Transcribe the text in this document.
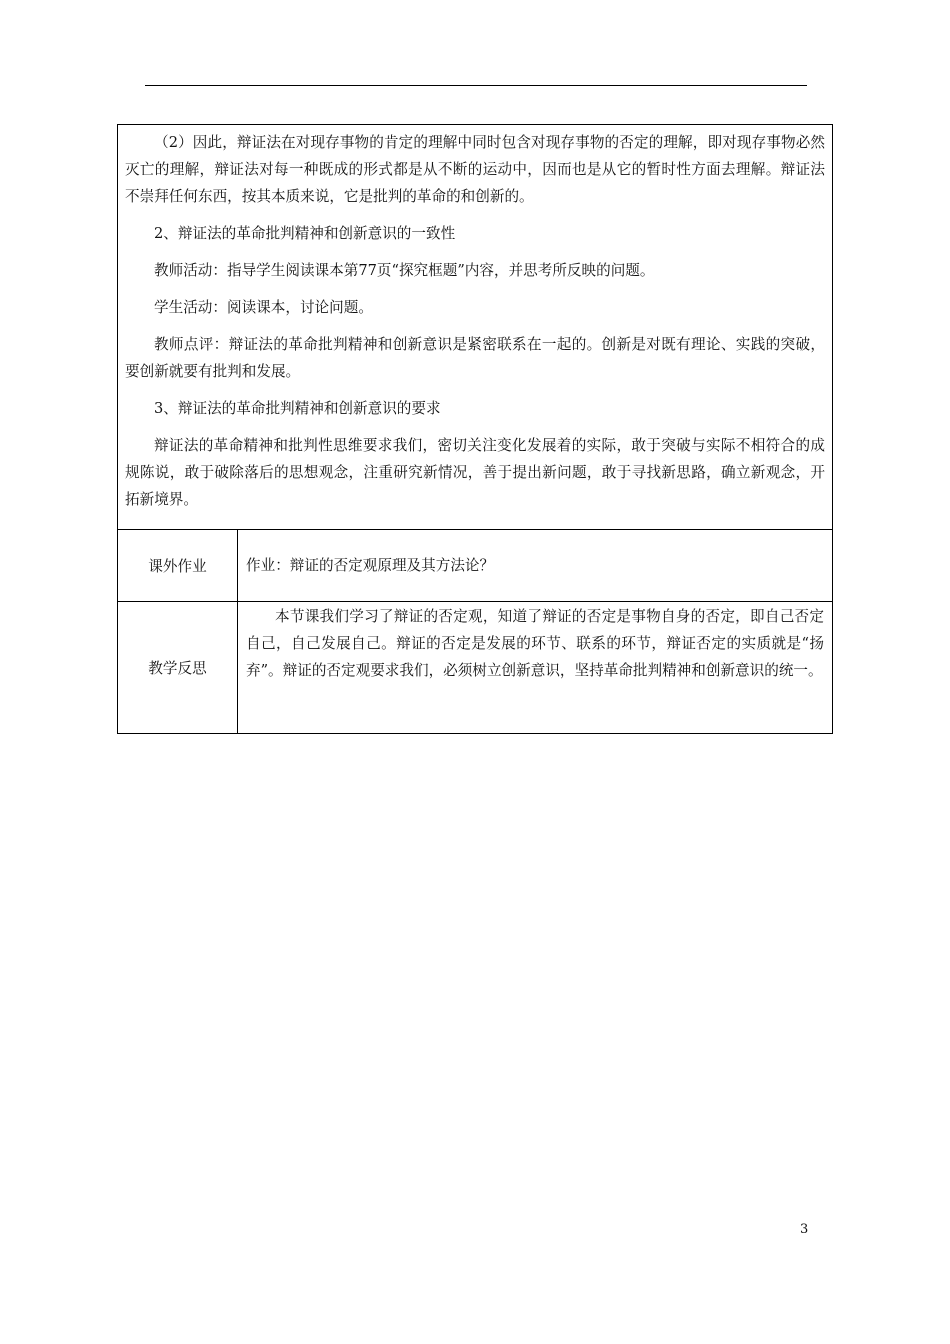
（2）因此，辩证法在对现存事物的肯定的理解中同时包含对现存事物的否定的理解，即对现存事物必然灭亡的理解，辩证法对每一种既成的形式都是从不断的运动中，因而也是从它的暂时性方面去理解。辩证法不崇拜任何东西，按其本质来说，它是批判的革命的和创新的。

2、辩证法的革命批判精神和创新意识的一致性

教师活动：指导学生阅读课本第77页“探究框题”内容，并思考所反映的问题。

学生活动：阅读课本，讨论问题。

教师点评：辩证法的革命批判精神和创新意识是紧密联系在一起的。创新是对既有理论、实践的突破，要创新就要有批判和发展。

3、辩证法的革命批判精神和创新意识的要求

辩证法的革命精神和批判性思维要求我们，密切关注变化发展着的实际，敢于突破与实际不相符合的成规陈说，敢于破除落后的思想观念，注重研究新情况，善于提出新问题，敢于寻找新思路，确立新观念，开拓新境界。

课外作业	作业：辩证的否定观原理及其方法论？
教学反思
本节课我们学习了辩证的否定观，知道了辩证的否定是事物自身的否定，即自己否定自己，自己发展自己。辩证的否定是发展的环节、联系的环节，辩证否定的实质就是“扬弃”。辩证的否定观要求我们，必须树立创新意识，坚持革命批判精神和创新意识的统一。
3
